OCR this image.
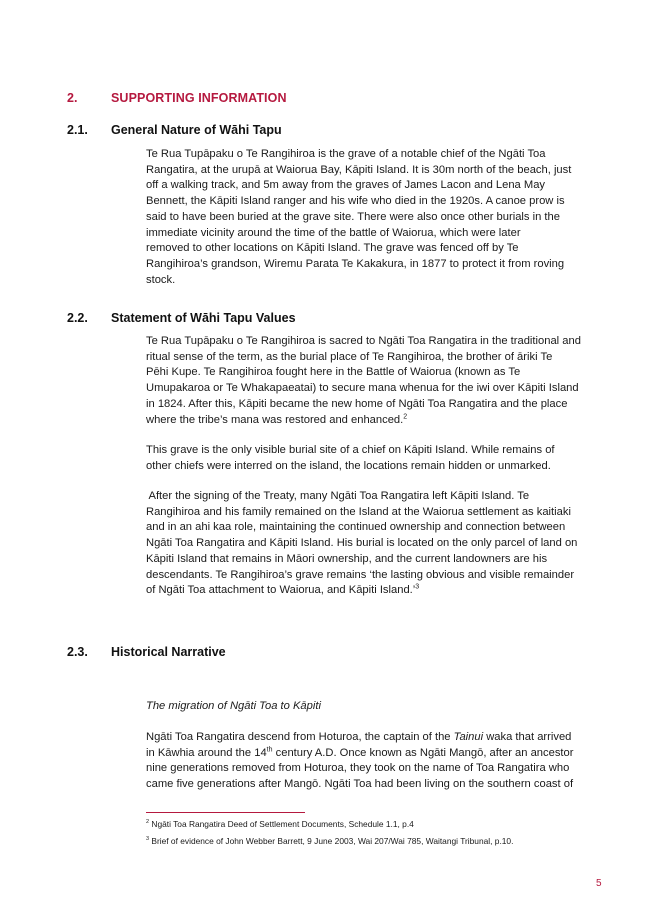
2.	SUPPORTING INFORMATION
2.1. General Nature of Wāhi Tapu
Te Rua Tupāpaku o Te Rangihiroa is the grave of a notable chief of the Ngāti Toa
Rangatira, at the urupā at Waiorua Bay, Kāpiti Island. It is 30m north of the beach, just
off a walking track, and 5m away from the graves of James Lacon and Lena May
Bennett, the Kāpiti Island ranger and his wife who died in the 1920s. A canoe prow is
said to have been buried at the grave site. There were also once other burials in the
immediate vicinity around the time of the battle of Waiorua, which were later
removed to other locations on Kāpiti Island. The grave was fenced off by Te
Rangihiroa’s grandson, Wiremu Parata Te Kakakura, in 1877 to protect it from roving
stock.
2.2. Statement of Wāhi Tapu Values
Te Rua Tupāpaku o Te Rangihiroa is sacred to Ngāti Toa Rangatira in the traditional and
ritual sense of the term, as the burial place of Te Rangihiroa, the brother of āriki Te
Pēhi Kupe. Te Rangihiroa fought here in the Battle of Waiorua (known as Te
Umupakaroa or Te Whakapaeatai) to secure mana whenua for the iwi over Kāpiti Island
in 1824. After this, Kāpiti became the new home of Ngāti Toa Rangatira and the place
where the tribe’s mana was restored and enhanced.$^2$
This grave is the only visible burial site of a chief on Kāpiti Island. While remains of
other chiefs were interred on the island, the locations remain hidden or unmarked.
After the signing of the Treaty, many Ngāti Toa Rangatira left Kāpiti Island. Te
Rangihiroa and his family remained on the Island at the Waiorua settlement as kaitiaki
and in an ahi kaa role, maintaining the continued ownership and connection between
Ngāti Toa Rangatira and Kāpiti Island. His burial is located on the only parcel of land on
Kāpiti Island that remains in Māori ownership, and the current landowners are his
descendants. Te Rangihiroa’s grave remains ‘the lasting obvious and visible remainder
of Ngāti Toa attachment to Waiorua, and Kāpiti Island.’$^3$
2.3. Historical Narrative
The migration of Ngāti Toa to Kāpiti
Ngāti Toa Rangatira descend from Hoturoa, the captain of the Tainui waka that arrived
in Kāwhia around the 14th century A.D. Once known as Ngāti Mangō, after an ancestor
nine generations removed from Hoturoa, they took on the name of Toa Rangatira who
came five generations after Mangō. Ngāti Toa had been living on the southern coast of
$^2$ Ngāti Toa Rangatira Deed of Settlement Documents, Schedule 1.1, p.4
$^3$ Brief of evidence of John Webber Barrett, 9 June 2003, Wai 207/Wai 785, Waitangi Tribunal, p.10.
5
